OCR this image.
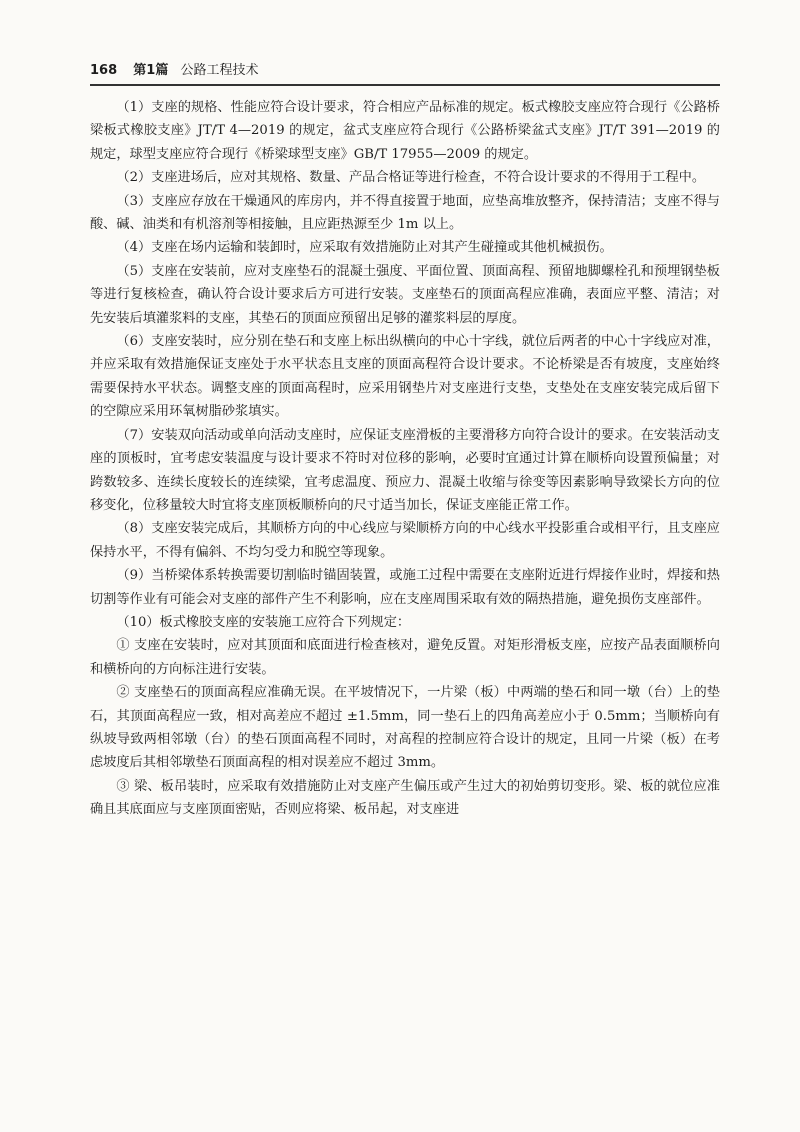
168 第1篇 公路工程技术

（1）支座的规格、性能应符合设计要求，符合相应产品标准的规定。板式橡胶支座应符合现行《公路桥梁板式橡胶支座》JT/T 4—2019 的规定，盆式支座应符合现行《公路桥梁盆式支座》JT/T 391—2019 的规定，球型支座应符合现行《桥梁球型支座》GB/T 17955—2009 的规定。

（2）支座进场后，应对其规格、数量、产品合格证等进行检查，不符合设计要求的不得用于工程中。

（3）支座应存放在干燥通风的库房内，并不得直接置于地面，应垫高堆放整齐，保持清洁；支座不得与酸、碱、油类和有机溶剂等相接触，且应距热源至少 1m 以上。

（4）支座在场内运输和装卸时，应采取有效措施防止对其产生碰撞或其他机械损伤。

（5）支座在安装前，应对支座垫石的混凝土强度、平面位置、顶面高程、预留地脚螺栓孔和预埋钢垫板等进行复核检查，确认符合设计要求后方可进行安装。支座垫石的顶面高程应准确，表面应平整、清洁；对先安装后填灌浆料的支座，其垫石的顶面应预留出足够的灌浆料层的厚度。

（6）支座安装时，应分别在垫石和支座上标出纵横向的中心十字线，就位后两者的中心十字线应对准，并应采取有效措施保证支座处于水平状态且支座的顶面高程符合设计要求。不论桥梁是否有坡度，支座始终需要保持水平状态。调整支座的顶面高程时，应采用钢垫片对支座进行支垫，支垫处在支座安装完成后留下的空隙应采用环氧树脂砂浆填实。

（7）安装双向活动或单向活动支座时，应保证支座滑板的主要滑移方向符合设计的要求。在安装活动支座的顶板时，宜考虑安装温度与设计要求不符时对位移的影响，必要时宜通过计算在顺桥向设置预偏量；对跨数较多、连续长度较长的连续梁，宜考虑温度、预应力、混凝土收缩与徐变等因素影响导致梁长方向的位移变化，位移量较大时宜将支座顶板顺桥向的尺寸适当加长，保证支座能正常工作。

（8）支座安装完成后，其顺桥方向的中心线应与梁顺桥方向的中心线水平投影重合或相平行，且支座应保持水平，不得有偏斜、不均匀受力和脱空等现象。

（9）当桥梁体系转换需要切割临时锚固装置，或施工过程中需要在支座附近进行焊接作业时，焊接和热切割等作业有可能会对支座的部件产生不利影响，应在支座周围采取有效的隔热措施，避免损伤支座部件。

（10）板式橡胶支座的安装施工应符合下列规定：

① 支座在安装时，应对其顶面和底面进行检查核对，避免反置。对矩形滑板支座，应按产品表面顺桥向和横桥向的方向标注进行安装。

② 支座垫石的顶面高程应准确无误。在平坡情况下，一片梁（板）中两端的垫石和同一墩（台）上的垫石，其顶面高程应一致，相对高差应不超过 ±1.5mm，同一垫石上的四角高差应小于 0.5mm；当顺桥向有纵坡导致两相邻墩（台）的垫石顶面高程不同时，对高程的控制应符合设计的规定，且同一片梁（板）在考虑坡度后其相邻墩垫石顶面高程的相对误差应不超过 3mm。

③ 梁、板吊装时，应采取有效措施防止对支座产生偏压或产生过大的初始剪切变形。梁、板的就位应准确且其底面应与支座顶面密贴，否则应将梁、板吊起，对支座进
